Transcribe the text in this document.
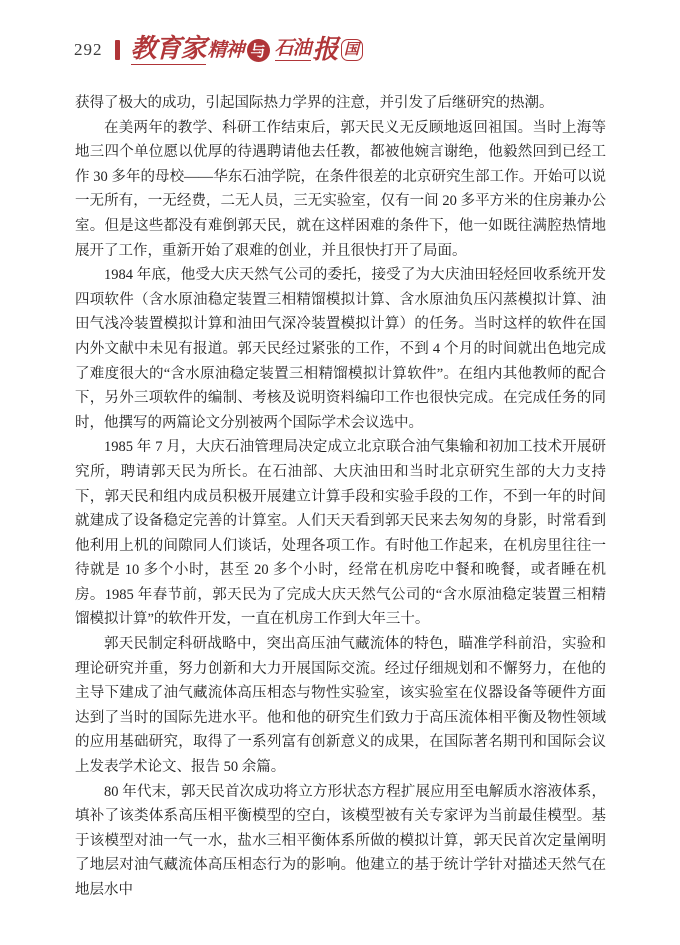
292 教育家 精神 与 石油 报 国

获得了极大的成功，引起国际热力学界的注意，并引发了后继研究的热潮。

在美两年的教学、科研工作结束后，郭天民义无反顾地返回祖国。当时上海等地三四个单位愿以优厚的待遇聘请他去任教，都被他婉言谢绝，他毅然回到已经工作 30 多年的母校——华东石油学院，在条件很差的北京研究生部工作。开始可以说一无所有，一无经费，二无人员，三无实验室，仅有一间 20 多平方米的住房兼办公室。但是这些都没有难倒郭天民，就在这样困难的条件下，他一如既往满腔热情地展开了工作，重新开始了艰难的创业，并且很快打开了局面。

1984 年底，他受大庆天然气公司的委托，接受了为大庆油田轻烃回收系统开发四项软件（含水原油稳定装置三相精馏模拟计算、含水原油负压闪蒸模拟计算、油田气浅冷装置模拟计算和油田气深冷装置模拟计算）的任务。当时这样的软件在国内外文献中未见有报道。郭天民经过紧张的工作，不到 4 个月的时间就出色地完成了难度很大的“含水原油稳定装置三相精馏模拟计算软件”。在组内其他教师的配合下，另外三项软件的编制、考核及说明资料编印工作也很快完成。在完成任务的同时，他撰写的两篇论文分别被两个国际学术会议选中。

1985 年 7 月，大庆石油管理局决定成立北京联合油气集输和初加工技术开展研究所，聘请郭天民为所长。在石油部、大庆油田和当时北京研究生部的大力支持下，郭天民和组内成员积极开展建立计算手段和实验手段的工作，不到一年的时间就建成了设备稳定完善的计算室。人们天天看到郭天民来去匆匆的身影，时常看到他利用上机的间隙同人们谈话，处理各项工作。有时他工作起来，在机房里往往一待就是 10 多个小时，甚至 20 多个小时，经常在机房吃中餐和晚餐，或者睡在机房。1985 年春节前，郭天民为了完成大庆天然气公司的“含水原油稳定装置三相精馏模拟计算”的软件开发，一直在机房工作到大年三十。

郭天民制定科研战略中，突出高压油气藏流体的特色，瞄准学科前沿，实验和理论研究并重，努力创新和大力开展国际交流。经过仔细规划和不懈努力，在他的主导下建成了油气藏流体高压相态与物性实验室，该实验室在仪器设备等硬件方面达到了当时的国际先进水平。他和他的研究生们致力于高压流体相平衡及物性领域的应用基础研究，取得了一系列富有创新意义的成果，在国际著名期刊和国际会议上发表学术论文、报告 50 余篇。

80 年代末，郭天民首次成功将立方形状态方程扩展应用至电解质水溶液体系，填补了该类体系高压相平衡模型的空白，该模型被有关专家评为当前最佳模型。基于该模型对油一气一水，盐水三相平衡体系所做的模拟计算，郭天民首次定量阐明了地层对油气藏流体高压相态行为的影响。他建立的基于统计学针对描述天然气在地层水中
